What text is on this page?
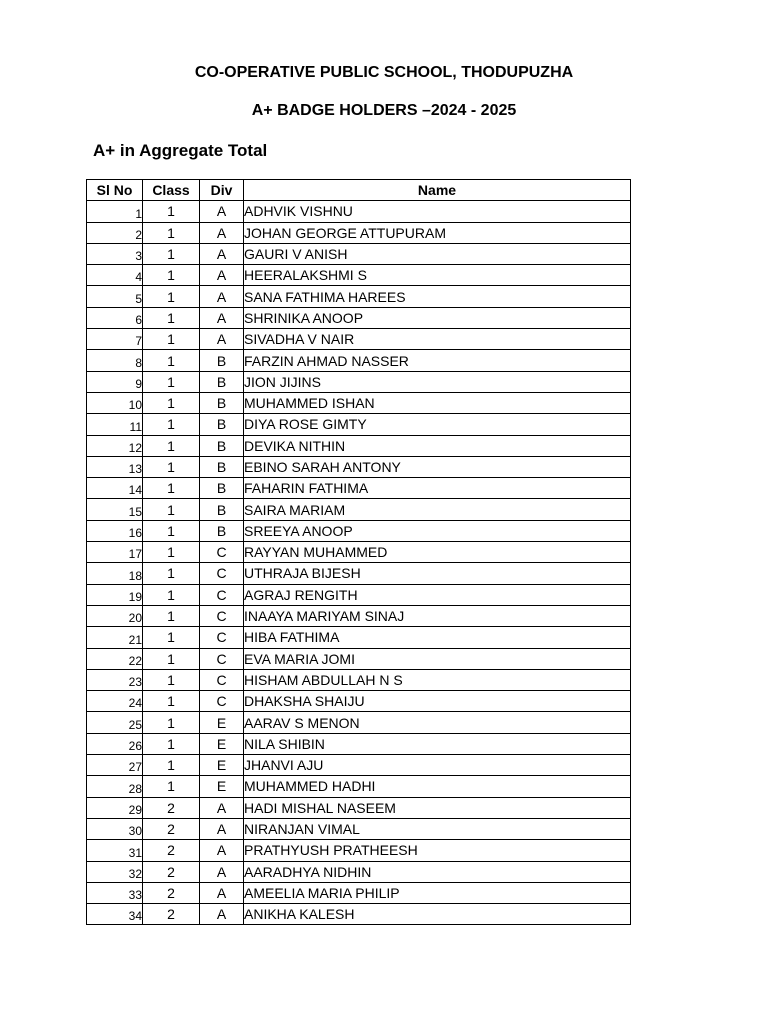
CO-OPERATIVE PUBLIC SCHOOL, THODUPUZHA
A+ BADGE HOLDERS –2024 - 2025
A+ in Aggregate Total
Sl No	Class	Div	Name
1	1	A	ADHVIK VISHNU
2	1	A	JOHAN GEORGE ATTUPURAM
3	1	A	GAURI V ANISH
4	1	A	HEERALAKSHMI S
5	1	A	SANA FATHIMA HAREES
6	1	A	SHRINIKA ANOOP
7	1	A	SIVADHA V NAIR
8	1	B	FARZIN AHMAD NASSER
9	1	B	JION JIJINS
10	1	B	MUHAMMED ISHAN
11	1	B	DIYA ROSE GIMTY
12	1	B	DEVIKA NITHIN
13	1	B	EBINO SARAH ANTONY
14	1	B	FAHARIN FATHIMA
15	1	B	SAIRA MARIAM
16	1	B	SREEYA ANOOP
17	1	C	RAYYAN MUHAMMED
18	1	C	UTHRAJA BIJESH
19	1	C	AGRAJ RENGITH
20	1	C	INAAYA MARIYAM SINAJ
21	1	C	HIBA FATHIMA
22	1	C	EVA MARIA JOMI
23	1	C	HISHAM ABDULLAH N S
24	1	C	DHAKSHA SHAIJU
25	1	E	AARAV S MENON
26	1	E	NILA SHIBIN
27	1	E	JHANVI AJU
28	1	E	MUHAMMED HADHI
29	2	A	HADI MISHAL NASEEM
30	2	A	NIRANJAN VIMAL
31	2	A	PRATHYUSH PRATHEESH
32	2	A	AARADHYA NIDHIN
33	2	A	AMEELIA MARIA PHILIP
34	2	A	ANIKHA KALESH
